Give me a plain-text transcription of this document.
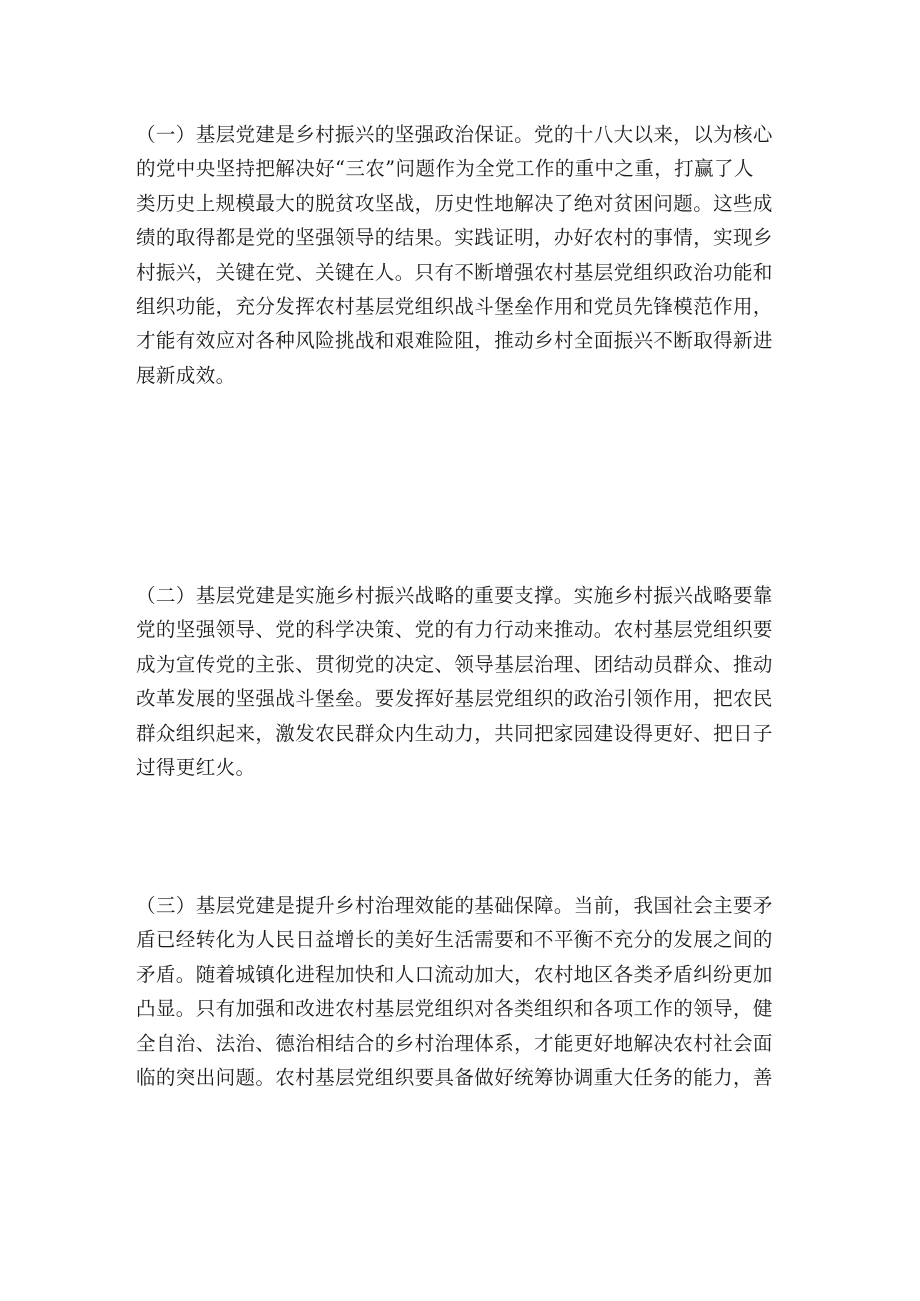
（一）基层党建是乡村振兴的坚强政治保证。党的十八大以来，以为核心
的党中央坚持把解决好“三农”问题作为全党工作的重中之重，打赢了人
类历史上规模最大的脱贫攻坚战，历史性地解决了绝对贫困问题。这些成
绩的取得都是党的坚强领导的结果。实践证明，办好农村的事情，实现乡
村振兴，关键在党、关键在人。只有不断增强农村基层党组织政治功能和
组织功能，充分发挥农村基层党组织战斗堡垒作用和党员先锋模范作用，
才能有效应对各种风险挑战和艰难险阻，推动乡村全面振兴不断取得新进
展新成效。
（二）基层党建是实施乡村振兴战略的重要支撑。实施乡村振兴战略要靠
党的坚强领导、党的科学决策、党的有力行动来推动。农村基层党组织要
成为宣传党的主张、贯彻党的决定、领导基层治理、团结动员群众、推动
改革发展的坚强战斗堡垒。要发挥好基层党组织的政治引领作用，把农民
群众组织起来，激发农民群众内生动力，共同把家园建设得更好、把日子
过得更红火。
（三）基层党建是提升乡村治理效能的基础保障。当前，我国社会主要矛
盾已经转化为人民日益增长的美好生活需要和不平衡不充分的发展之间的
矛盾。随着城镇化进程加快和人口流动加大，农村地区各类矛盾纠纷更加
凸显。只有加强和改进农村基层党组织对各类组织和各项工作的领导，健
全自治、法治、德治相结合的乡村治理体系，才能更好地解决农村社会面
临的突出问题。农村基层党组织要具备做好统筹协调重大任务的能力，善
